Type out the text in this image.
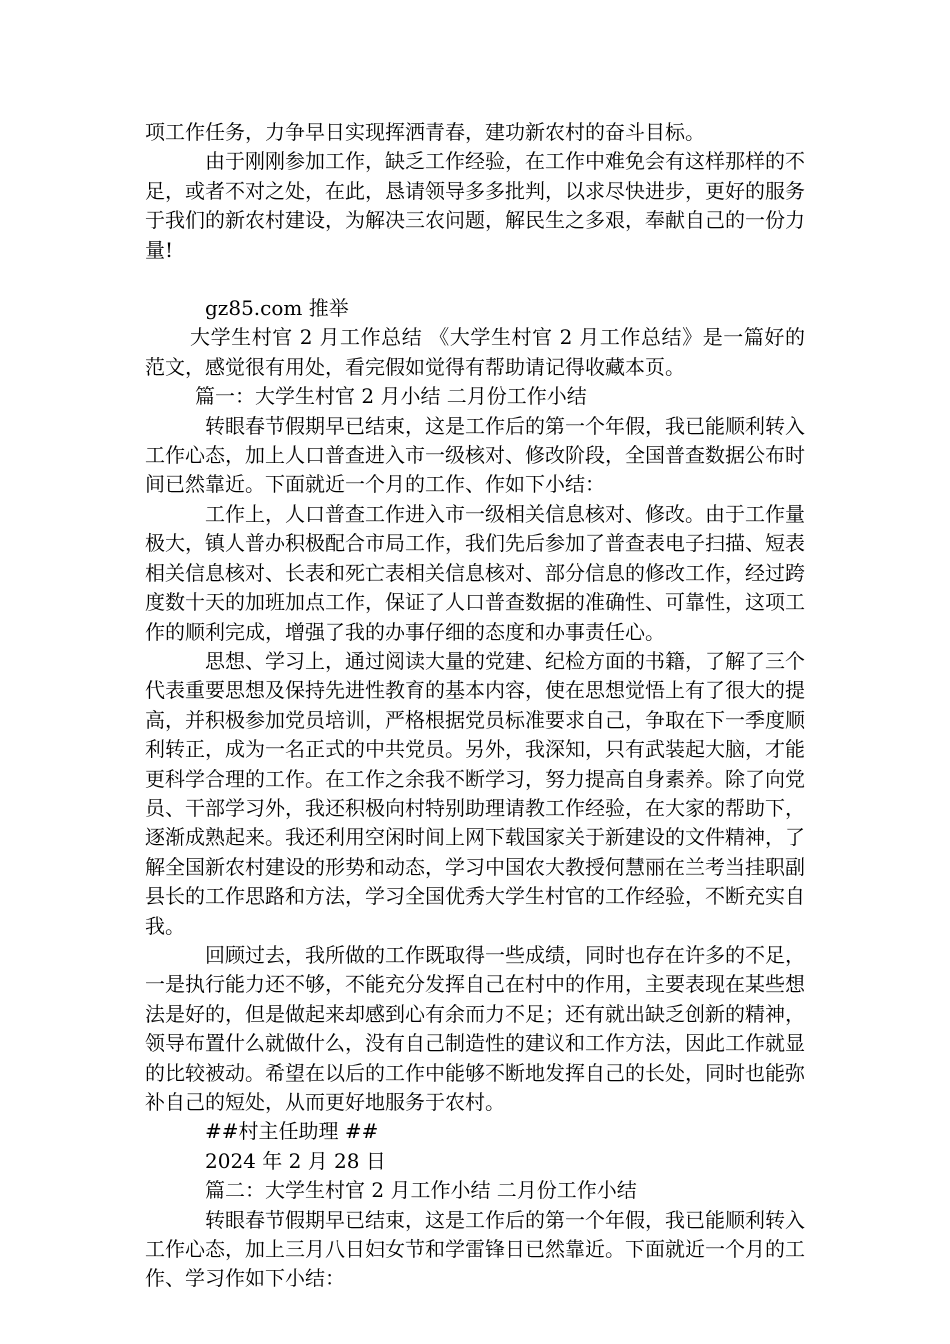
项工作任务，力争早日实现挥洒青春，建功新农村的奋斗目标。

由于刚刚参加工作，缺乏工作经验，在工作中难免会有这样那样的不足，或者不对之处，在此，恳请领导多多批判，以求尽快进步，更好的服务于我们的新农村建设，为解决三农问题，解民生之多艰，奉献自己的一份力量!

gz85.com 推举

大学生村官 2 月工作总结 《大学生村官 2 月工作总结》是一篇好的范文，感觉很有用处，看完假如觉得有帮助请记得收藏本页。

篇一：大学生村官 2 月小结 二月份工作小结

转眼春节假期早已结束，这是工作后的第一个年假，我已能顺利转入工作心态，加上人口普查进入市一级核对、修改阶段，全国普查数据公布时间已然靠近。下面就近一个月的工作、作如下小结：

工作上，人口普查工作进入市一级相关信息核对、修改。由于工作量极大，镇人普办积极配合市局工作，我们先后参加了普查表电子扫描、短表相关信息核对、长表和死亡表相关信息核对、部分信息的修改工作，经过跨度数十天的加班加点工作，保证了人口普查数据的准确性、可靠性，这项工作的顺利完成，增强了我的办事仔细的态度和办事责任心。

思想、学习上，通过阅读大量的党建、纪检方面的书籍，了解了三个代表重要思想及保持先进性教育的基本内容，使在思想觉悟上有了很大的提高，并积极参加党员培训，严格根据党员标准要求自己，争取在下一季度顺利转正，成为一名正式的中共党员。另外，我深知，只有武装起大脑，才能更科学合理的工作。在工作之余我不断学习，努力提高自身素养。除了向党员、干部学习外，我还积极向村特别助理请教工作经验，在大家的帮助下，逐渐成熟起来。我还利用空闲时间上网下载国家关于新建设的文件精神，了解全国新农村建设的形势和动态，学习中国农大教授何慧丽在兰考当挂职副县长的工作思路和方法，学习全国优秀大学生村官的工作经验，不断充实自我。

回顾过去，我所做的工作既取得一些成绩，同时也存在许多的不足，一是执行能力还不够，不能充分发挥自己在村中的作用，主要表现在某些想法是好的，但是做起来却感到心有余而力不足；还有就出缺乏创新的精神，领导布置什么就做什么，没有自己制造性的建议和工作方法，因此工作就显的比较被动。希望在以后的工作中能够不断地发挥自己的长处，同时也能弥补自己的短处，从而更好地服务于农村。

##村主任助理 ##

2024 年 2 月 28 日

篇二：大学生村官 2 月工作小结 二月份工作小结

转眼春节假期早已结束，这是工作后的第一个年假，我已能顺利转入工作心态，加上三月八日妇女节和学雷锋日已然靠近。下面就近一个月的工作、学习作如下小结：
